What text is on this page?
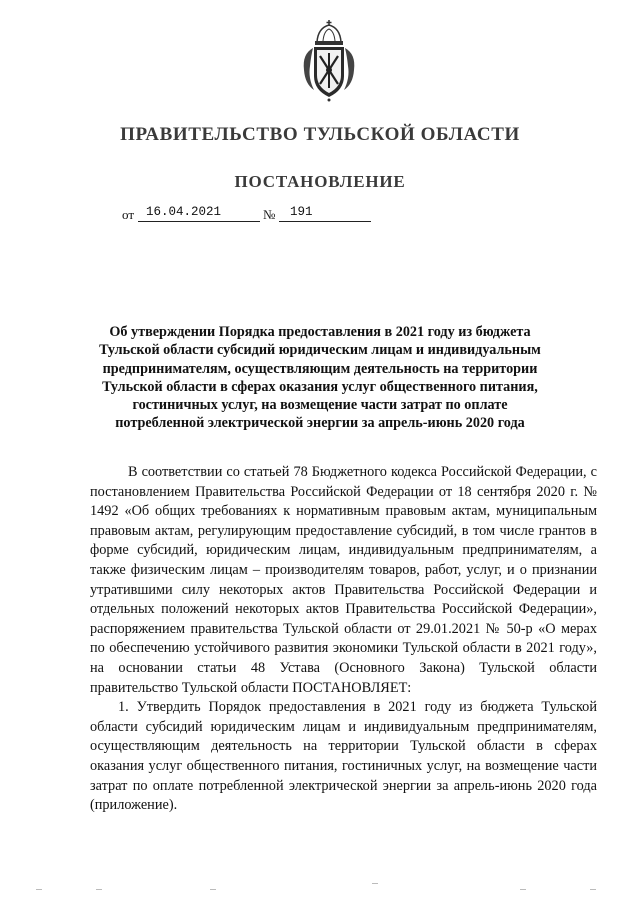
ПРАВИТЕЛЬСТВО ТУЛЬСКОЙ ОБЛАСТИ
ПОСТАНОВЛЕНИЕ
от 16.04.2021	№ 191
Об утверждении Порядка предоставления в 2021 году из бюджета Тульской области субсидий юридическим лицам и индивидуальным предпринимателям, осуществляющим деятельность на территории Тульской области в сферах оказания услуг общественного питания, гостиничных услуг, на возмещение части затрат по оплате потребленной электрической энергии за апрель-июнь 2020 года

В соответствии со статьей 78 Бюджетного кодекса Российской Федерации, с постановлением Правительства Российской Федерации от 18 сентября 2020 г. № 1492 «Об общих требованиях к нормативным правовым актам, муниципальным правовым актам, регулирующим предоставление субсидий, в том числе грантов в форме субсидий, юридическим лицам, индивидуальным предпринимателям, а также физическим лицам – производителям товаров, работ, услуг, и о признании утратившими силу некоторых актов Правительства Российской Федерации и отдельных положений некоторых актов Правительства Российской Федерации», распоряжением правительства Тульской области от 29.01.2021 № 50-р «О мерах по обеспечению устойчивого развития экономики Тульской области в 2021 году», на основании статьи 48 Устава (Основного Закона) Тульской области правительство Тульской области ПОСТАНОВЛЯЕТ:

1. Утвердить Порядок предоставления в 2021 году из бюджета Тульской области субсидий юридическим лицам и индивидуальным предпринимателям, осуществляющим деятельность на территории Тульской области в сферах оказания услуг общественного питания, гостиничных услуг, на возмещение части затрат по оплате потребленной электрической энергии за апрель-июнь 2020 года (приложение).
